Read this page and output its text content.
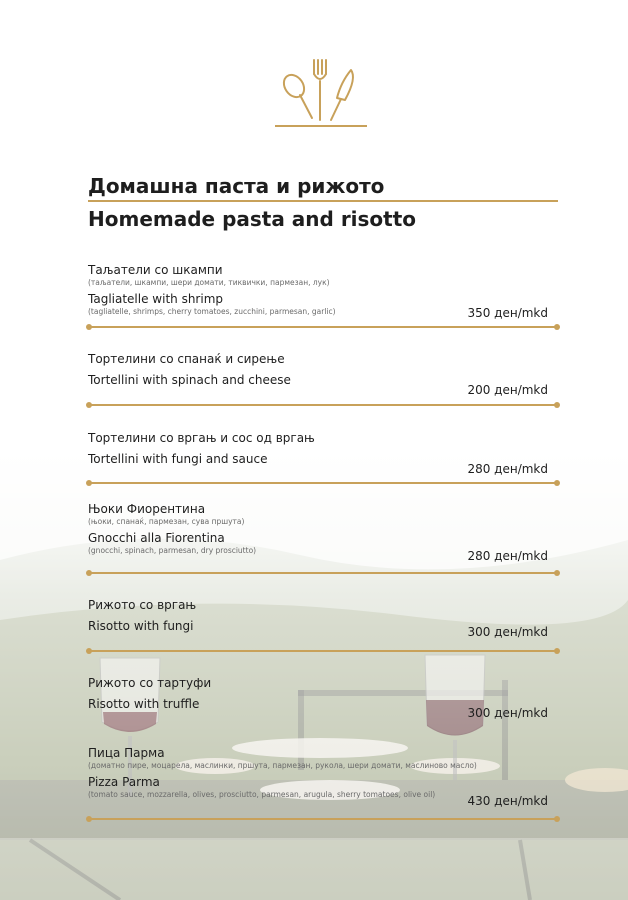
Домашна паста и рижото
Homemade pasta and risotto
Тaљатели со шкампи
(тaљатели, шкампи, шери домати, тиквички, пармезан, лук)
Tagliatelle with shrimp
(tagliatelle, shrimps, cherry tomatoes, zucchini, parmesan, garlic)	350 ден/mkd
Тортелини со спанаќ и сирење
Tortellini with spinach and cheese
200 ден/mkd
Тортелини со вргањ и сос од вргањ
Tortellini with fungi and sauce
280 ден/mkd
Њоки Фиорентина
(њоки, спанаќ, пармезан, сува пршута)
Gnocchi alla Fiorentina
(gnocchi, spinach, parmesan, dry prosciutto)	280 ден/mkd
Рижото со вргањ
Risotto with fungi	300 ден/mkd
Рижото со тартуфи
Risotto with truffle
300 ден/mkd
Пица Парма
(доматно пире, моцарела, маслинки, пршута, пармезан, рукола, шери домати, маслиново масло)
Pizza Parma
(tomato sauce, mozzarella, olives, prosciutto, parmesan, arugula, sherry tomatoes, olive oil)	430 ден/mkd
